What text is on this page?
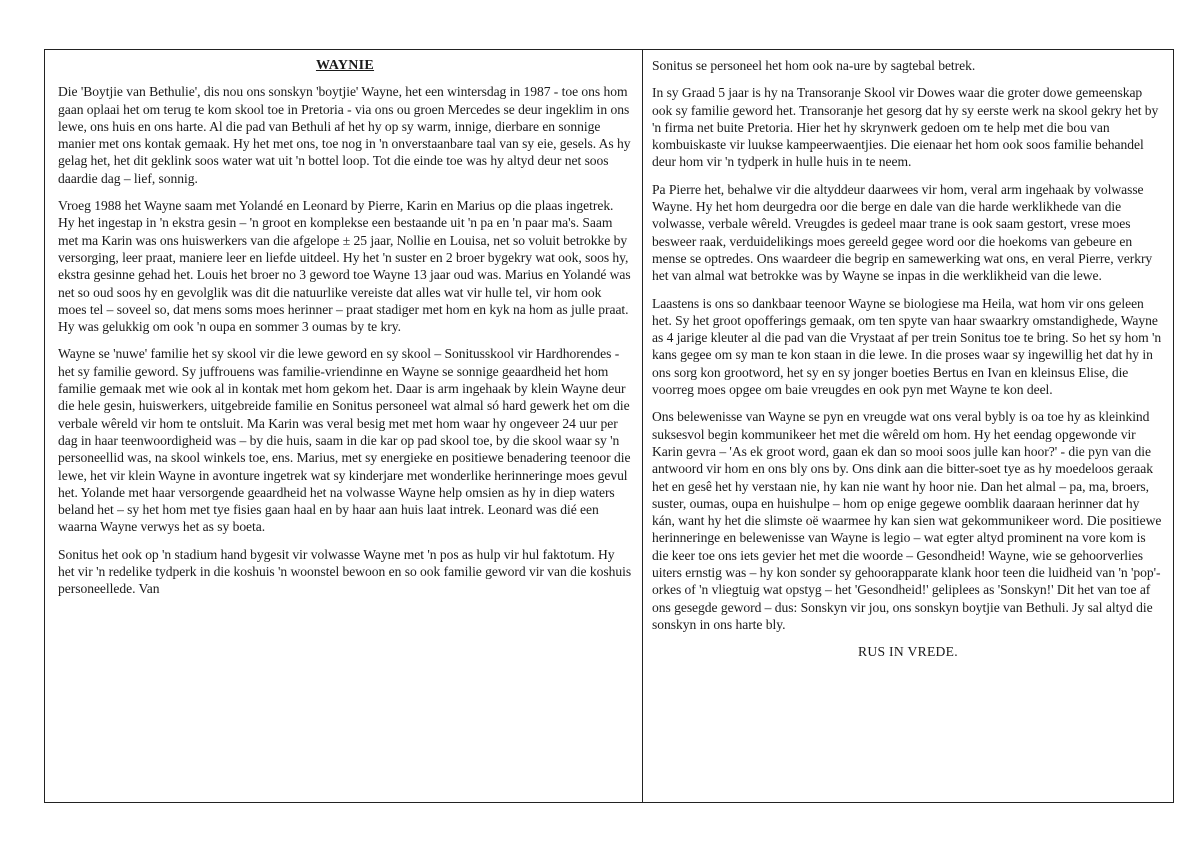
WAYNIE

Die 'Boytjie van Bethulie', dis nou ons sonskyn 'boytjie' Wayne, het een wintersdag in 1987 - toe ons hom gaan oplaai het om terug te kom skool toe in Pretoria - via ons ou groen Mercedes se deur ingeklim in ons lewe, ons huis en ons harte. Al die pad van Bethuli af het hy op sy warm, innige, dierbare en sonnige manier met ons kontak gemaak. Hy het met ons, toe nog in 'n onverstaanbare taal van sy eie, gesels. As hy gelag het, het dit geklink soos water wat uit 'n bottel loop. Tot die einde toe was hy altyd deur net soos daardie dag – lief, sonnig.

Vroeg 1988 het Wayne saam met Yolandé en Leonard by Pierre, Karin en Marius op die plaas ingetrek. Hy het ingestap in 'n ekstra gesin – 'n groot en komplekse een bestaande uit 'n pa en 'n paar ma's. Saam met ma Karin was ons huiswerkers van die afgelope ± 25 jaar, Nollie en Louisa, net so voluit betrokke by versorging, leer praat, maniere leer en liefde uitdeel. Hy het 'n suster en 2 broer bygekry wat ook, soos hy, ekstra gesinne gehad het. Louis het broer no 3 geword toe Wayne 13 jaar oud was. Marius en Yolandé was net so oud soos hy en gevolglik was dit die natuurlike vereiste dat alles wat vir hulle tel, vir hom ook moes tel – soveel so, dat mens soms moes herinner – praat stadiger met hom en kyk na hom as julle praat. Hy was gelukkig om ook 'n oupa en sommer 3 oumas by te kry.

Wayne se 'nuwe' familie het sy skool vir die lewe geword en sy skool – Sonitusskool vir Hardhorendes - het sy familie geword. Sy juffrouens was familie-vriendinne en Wayne se sonnige geaardheid het hom familie gemaak met wie ook al in kontak met hom gekom het. Daar is arm ingehaak by klein Wayne deur die hele gesin, huiswerkers, uitgebreide familie en Sonitus personeel wat almal só hard gewerk het om die verbale wêreld vir hom te ontsluit. Ma Karin was veral besig met met hom waar hy ongeveer 24 uur per dag in haar teenwoordigheid was – by die huis, saam in die kar op pad skool toe, by die skool waar sy 'n personeellid was, na skool winkels toe, ens. Marius, met sy energieke en positiewe benadering teenoor die lewe, het vir klein Wayne in avonture ingetrek wat sy kinderjare met wonderlike herinneringe moes gevul het. Yolande met haar versorgende geaardheid het na volwasse Wayne help omsien as hy in diep waters beland het – sy het hom met tye fisies gaan haal en by haar aan huis laat intrek. Leonard was dié een waarna Wayne verwys het as sy boeta.

Sonitus het ook op 'n stadium hand bygesit vir volwasse Wayne met 'n pos as hulp vir hul faktotum. Hy het vir 'n redelike tydperk in die koshuis 'n woonstel bewoon en so ook familie geword vir van die koshuis personeellede. Van

Sonitus se personeel het hom ook na-ure by sagtebal betrek.

In sy Graad 5 jaar is hy na Transoranje Skool vir Dowes waar die groter dowe gemeenskap ook sy familie geword het. Transoranje het gesorg dat hy sy eerste werk na skool gekry het by 'n firma net buite Pretoria. Hier het hy skrynwerk gedoen om te help met die bou van kombuiskaste vir luukse kampeerwaentjies. Die eienaar het hom ook soos familie behandel deur hom vir 'n tydperk in hulle huis in te neem.

Pa Pierre het, behalwe vir die altyddeur daarwees vir hom, veral arm ingehaak by volwasse Wayne. Hy het hom deurgedra oor die berge en dale van die harde werklikhede van die volwasse, verbale wêreld. Vreugdes is gedeel maar trane is ook saam gestort, vrese moes besweer raak, verduidelikings moes gereeld gegee word oor die hoekoms van gebeure en mense se optredes. Ons waardeer die begrip en samewerking wat ons, en veral Pierre, verkry het van almal wat betrokke was by Wayne se inpas in die werklikheid van die lewe.

Laastens is ons so dankbaar teenoor Wayne se biologiese ma Heila, wat hom vir ons geleen het. Sy het groot opofferings gemaak, om ten spyte van haar swaarkry omstandighede, Wayne as 4 jarige kleuter al die pad van die Vrystaat af per trein Sonitus toe te bring. So het sy hom 'n kans gegee om sy man te kon staan in die lewe. In die proses waar sy ingewillig het dat hy in ons sorg kon grootword, het sy en sy jonger boeties Bertus en Ivan en kleinsus Elise, die voorreg moes opgee om baie vreugdes en ook pyn met Wayne te kon deel.

Ons belewenisse van Wayne se pyn en vreugde wat ons veral bybly is oa toe hy as kleinkind suksesvol begin kommunikeer het met die wêreld om hom. Hy het eendag opgewonde vir Karin gevra – 'As ek groot word, gaan ek dan so mooi soos julle kan hoor?' - die pyn van die antwoord vir hom en ons bly ons by. Ons dink aan die bitter-soet tye as hy moedeloos geraak het en gesê het hy verstaan nie, hy kan nie want hy hoor nie. Dan het almal – pa, ma, broers, suster, oumas, oupa en huishulpe – hom op enige gegewe oomblik daaraan herinner dat hy kán, want hy het die slimste oë waarmee hy kan sien wat gekommunikeer word. Die positiewe herinneringe en belewenisse van Wayne is legio – wat egter altyd prominent na vore kom is die keer toe ons iets gevier het met die woorde – Gesondheid! Wayne, wie se gehoorverlies uiters ernstig was – hy kon sonder sy gehoorapparate klank hoor teen die luidheid van 'n 'pop'-orkes of 'n vliegtuig wat opstyg – het 'Gesondheid!' geliplees as 'Sonskyn!' Dit het van toe af ons gesegde geword – dus: Sonskyn vir jou, ons sonskyn boytjie van Bethuli. Jy sal altyd die sonskyn in ons harte bly.

RUS IN VREDE.
